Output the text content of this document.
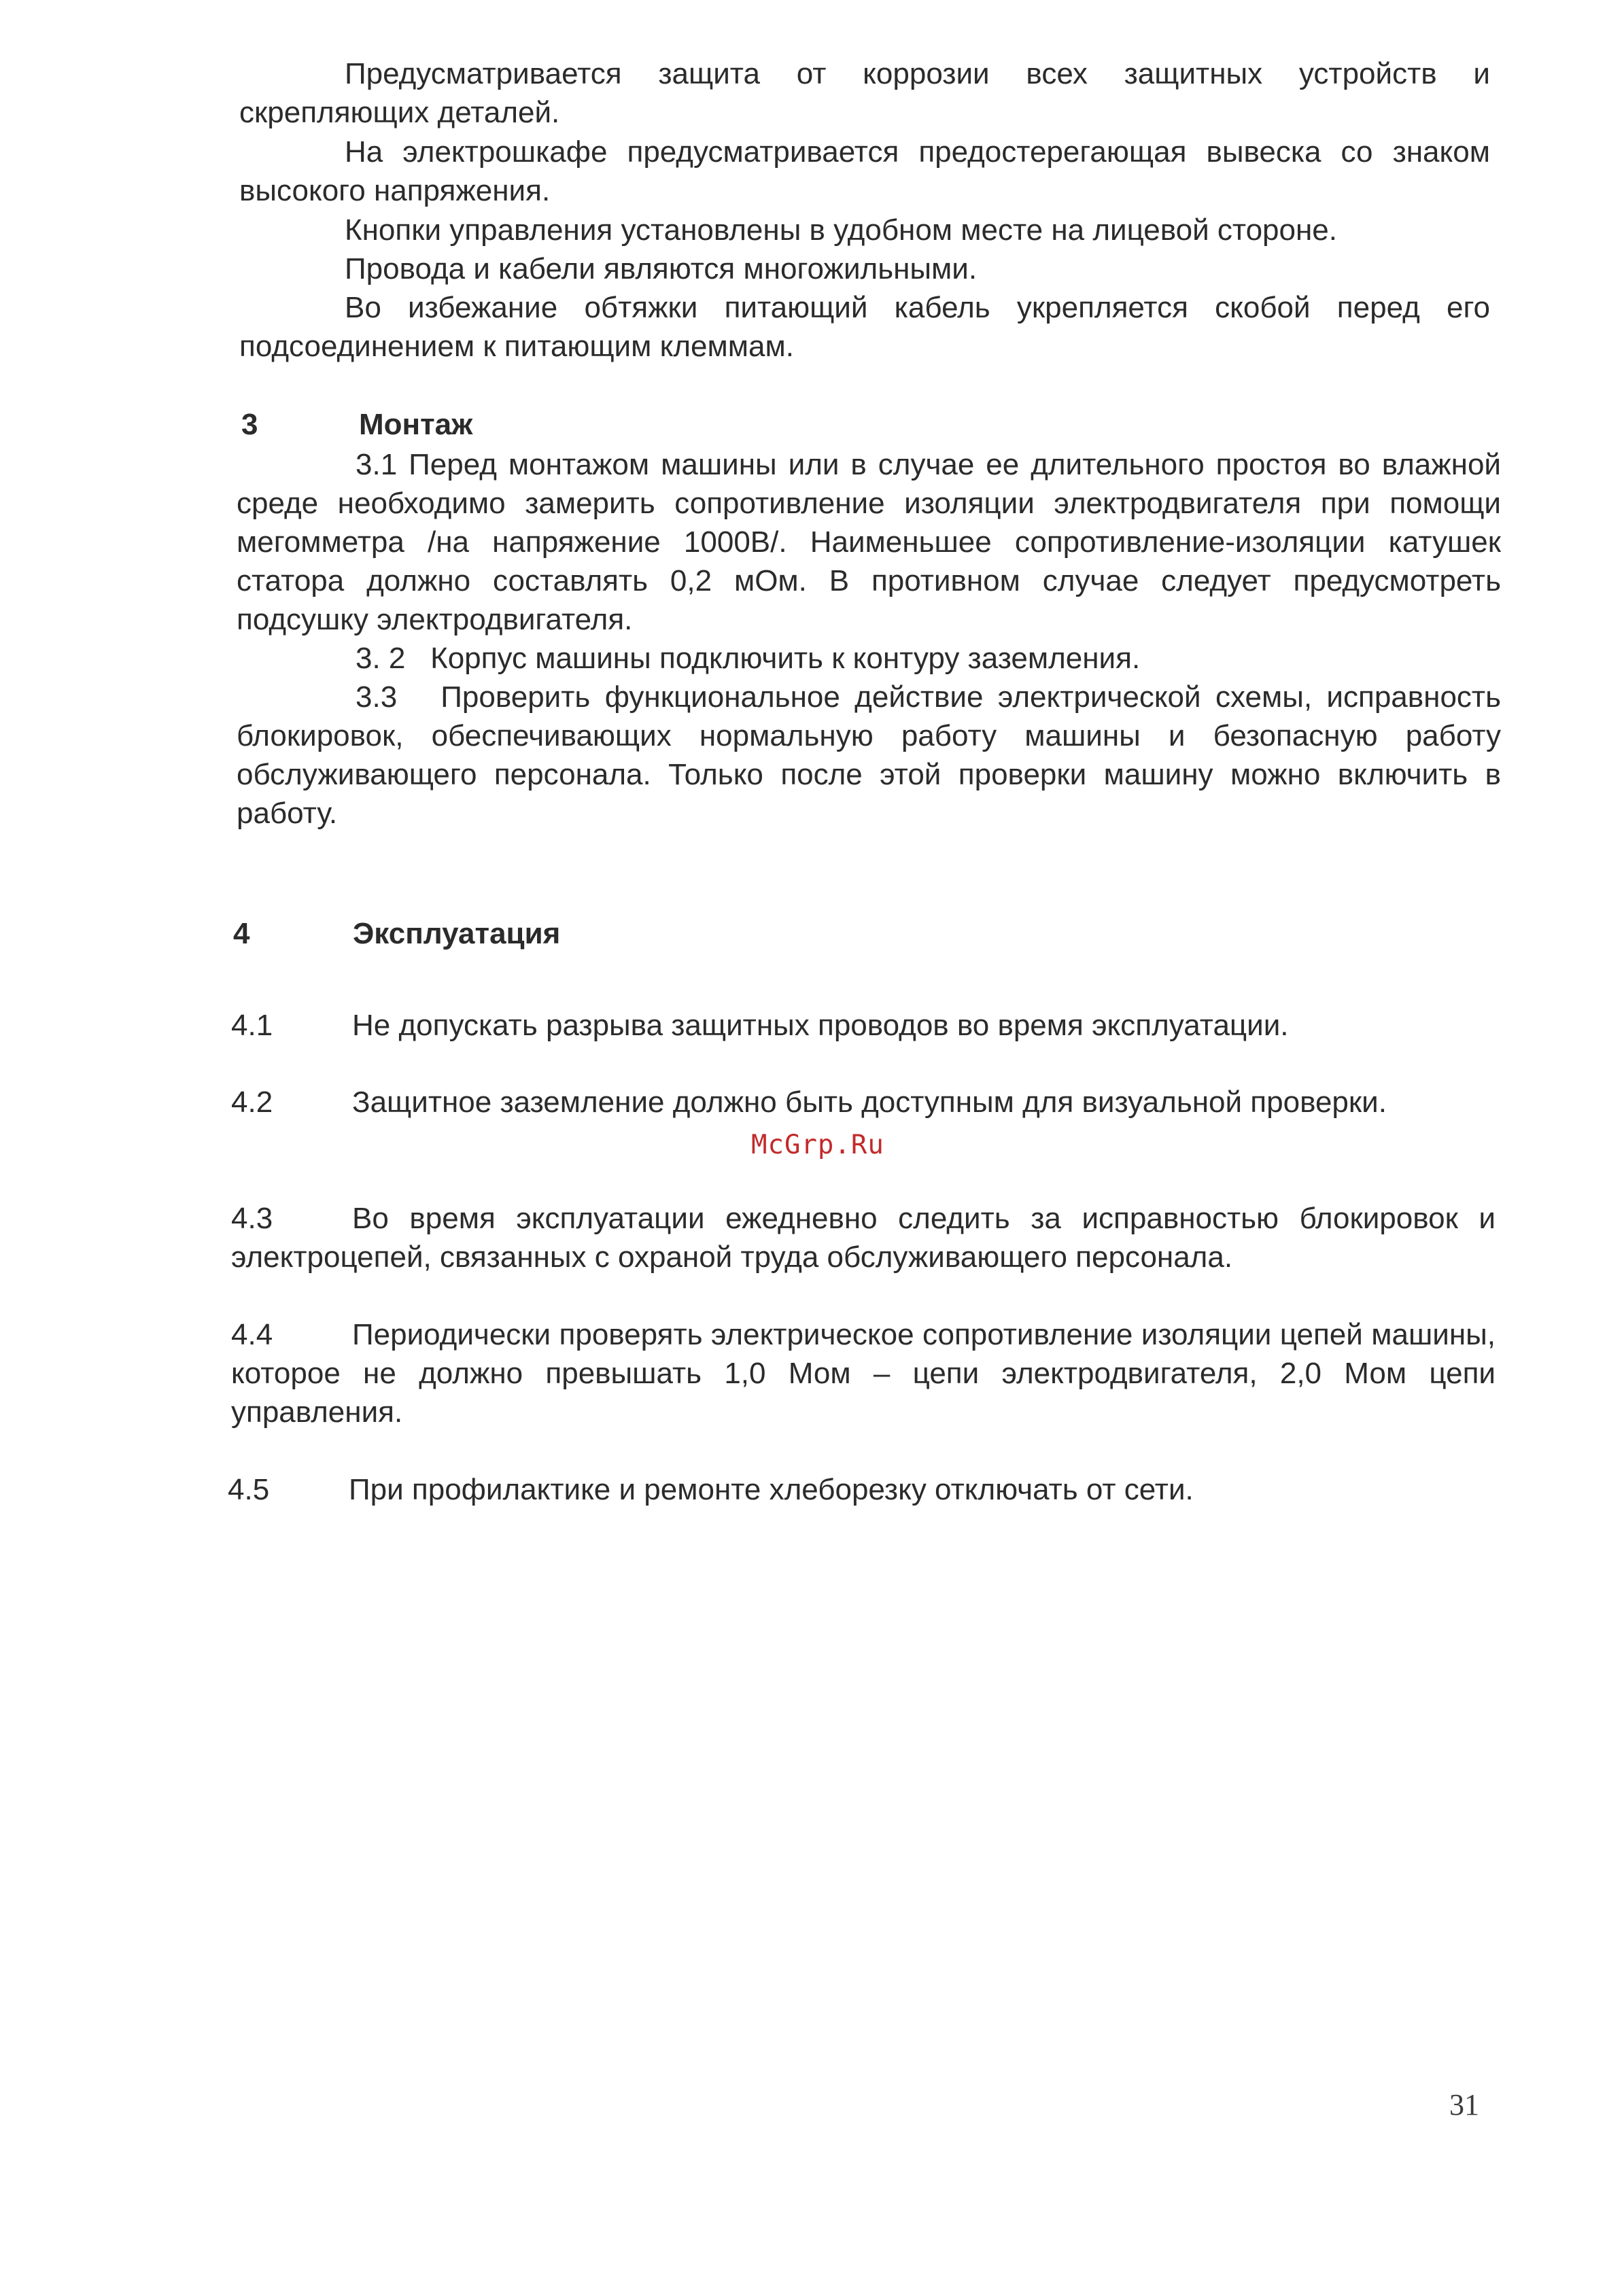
Предусматривается защита от коррозии всех защитных устройств и скрепляющих деталей.

На электрошкафе предусматривается предостерегающая вывеска со знаком высокого напряжения.

Кнопки управления установлены в удобном месте на лицевой стороне.

Провода и кабели являются многожильными.

Во избежание обтяжки питающий кабель укрепляется скобой перед его подсоединением к питающим клеммам.

3	Монтаж

3.1 Перед монтажом машины или в случае ее длительного простоя во влажной среде необходимо замерить сопротивление изоляции электродвигателя при помощи мегомметра /на напряжение 1000В/. Наименьшее сопротивление-изоляции катушек статора должно составлять 0,2 мОм. В противном случае следует предусмотреть подсушку электродвигателя.

3. 2   Корпус машины подключить к контуру заземления.

3.3   Проверить функциональное действие электрической схемы, исправность блокировок, обеспечивающих нормальную работу машины и безопасную работу обслуживающего персонала. Только после этой проверки машину можно включить в работу.

4	Эксплуатация
4.1	Не допускать разрыва защитных проводов во время эксплуатации.
4.2	Защитное заземление должно быть доступным для визуальной проверки.
4.3	Во время эксплуатации ежедневно следить за исправностью блокировок и электроцепей, связанных с охраной труда обслуживающего персонала.
4.4	Периодически проверять электрическое сопротивление изоляции цепей машины, которое не должно превышать 1,0 Мом – цепи электродвигателя, 2,0 Мом цепи управления.
4.5	При профилактике и ремонте хлеборезку отключать от сети.
McGrp.Ru
31
